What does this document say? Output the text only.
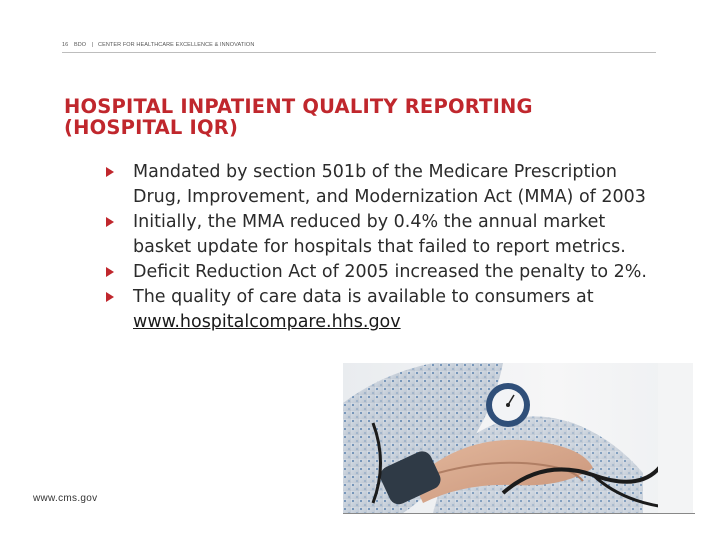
16 BDO | CENTER FOR HEALTHCARE EXCELLENCE & INNOVATION
HOSPITAL INPATIENT QUALITY REPORTING
(HOSPITAL IQR)
Mandated by section 501b of the Medicare Prescription
Drug, Improvement, and Modernization Act (MMA) of 2003
Initially, the MMA reduced by 0.4% the annual market
basket update for hospitals that failed to report metrics.
Deficit Reduction Act of 2005 increased the penalty to 2%.
The quality of care data is available to consumers at
www.hospitalcompare.hhs.gov
www.cms.gov
